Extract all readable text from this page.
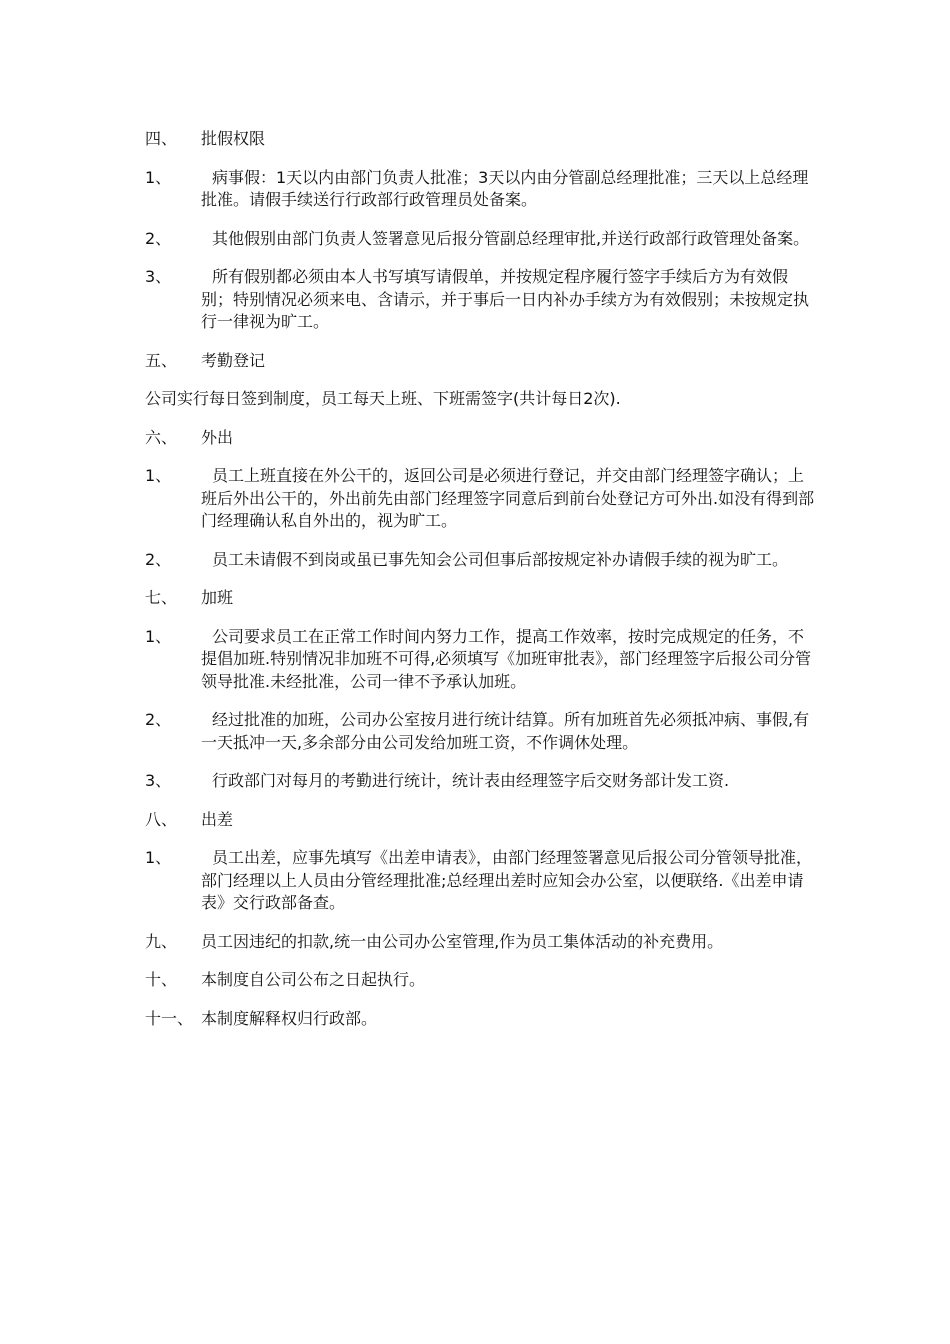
四、	批假权限
1、	病事假：1天以内由部门负责人批准；3天以内由分管副总经理批准；三天以上总经理批准。请假手续送行行政部行政管理员处备案。
2、	其他假别由部门负责人签署意见后报分管副总经理审批,并送行政部行政管理处备案。
3、	所有假别都必须由本人书写填写请假单，并按规定程序履行签字手续后方为有效假别；特别情况必须来电、含请示，并于事后一日内补办手续方为有效假别；未按规定执行一律视为旷工。
五、	考勤登记
公司实行每日签到制度，员工每天上班、下班需签字(共计每日2次).
六、	外出
1、	员工上班直接在外公干的，返回公司是必须进行登记，并交由部门经理签字确认；上班后外出公干的，外出前先由部门经理签字同意后到前台处登记方可外出.如没有得到部门经理确认私自外出的，视为旷工。
2、	员工未请假不到岗或虽已事先知会公司但事后部按规定补办请假手续的视为旷工。
七、	加班
1、	公司要求员工在正常工作时间内努力工作，提高工作效率，按时完成规定的任务，不提倡加班.特别情况非加班不可得,必须填写《加班审批表》，部门经理签字后报公司分管领导批准.未经批准，公司一律不予承认加班。
2、	经过批准的加班，公司办公室按月进行统计结算。所有加班首先必须抵冲病、事假,有一天抵冲一天,多余部分由公司发给加班工资，不作调休处理。
3、	行政部门对每月的考勤进行统计，统计表由经理签字后交财务部计发工资.
八、	出差
1、	员工出差，应事先填写《出差申请表》，由部门经理签署意见后报公司分管领导批准，部门经理以上人员由分管经理批准;总经理出差时应知会办公室，以便联络.《出差申请表》交行政部备查。
九、	员工因违纪的扣款,统一由公司办公室管理,作为员工集体活动的补充费用。
十、	本制度自公司公布之日起执行。
十一、 本制度解释权归行政部。
